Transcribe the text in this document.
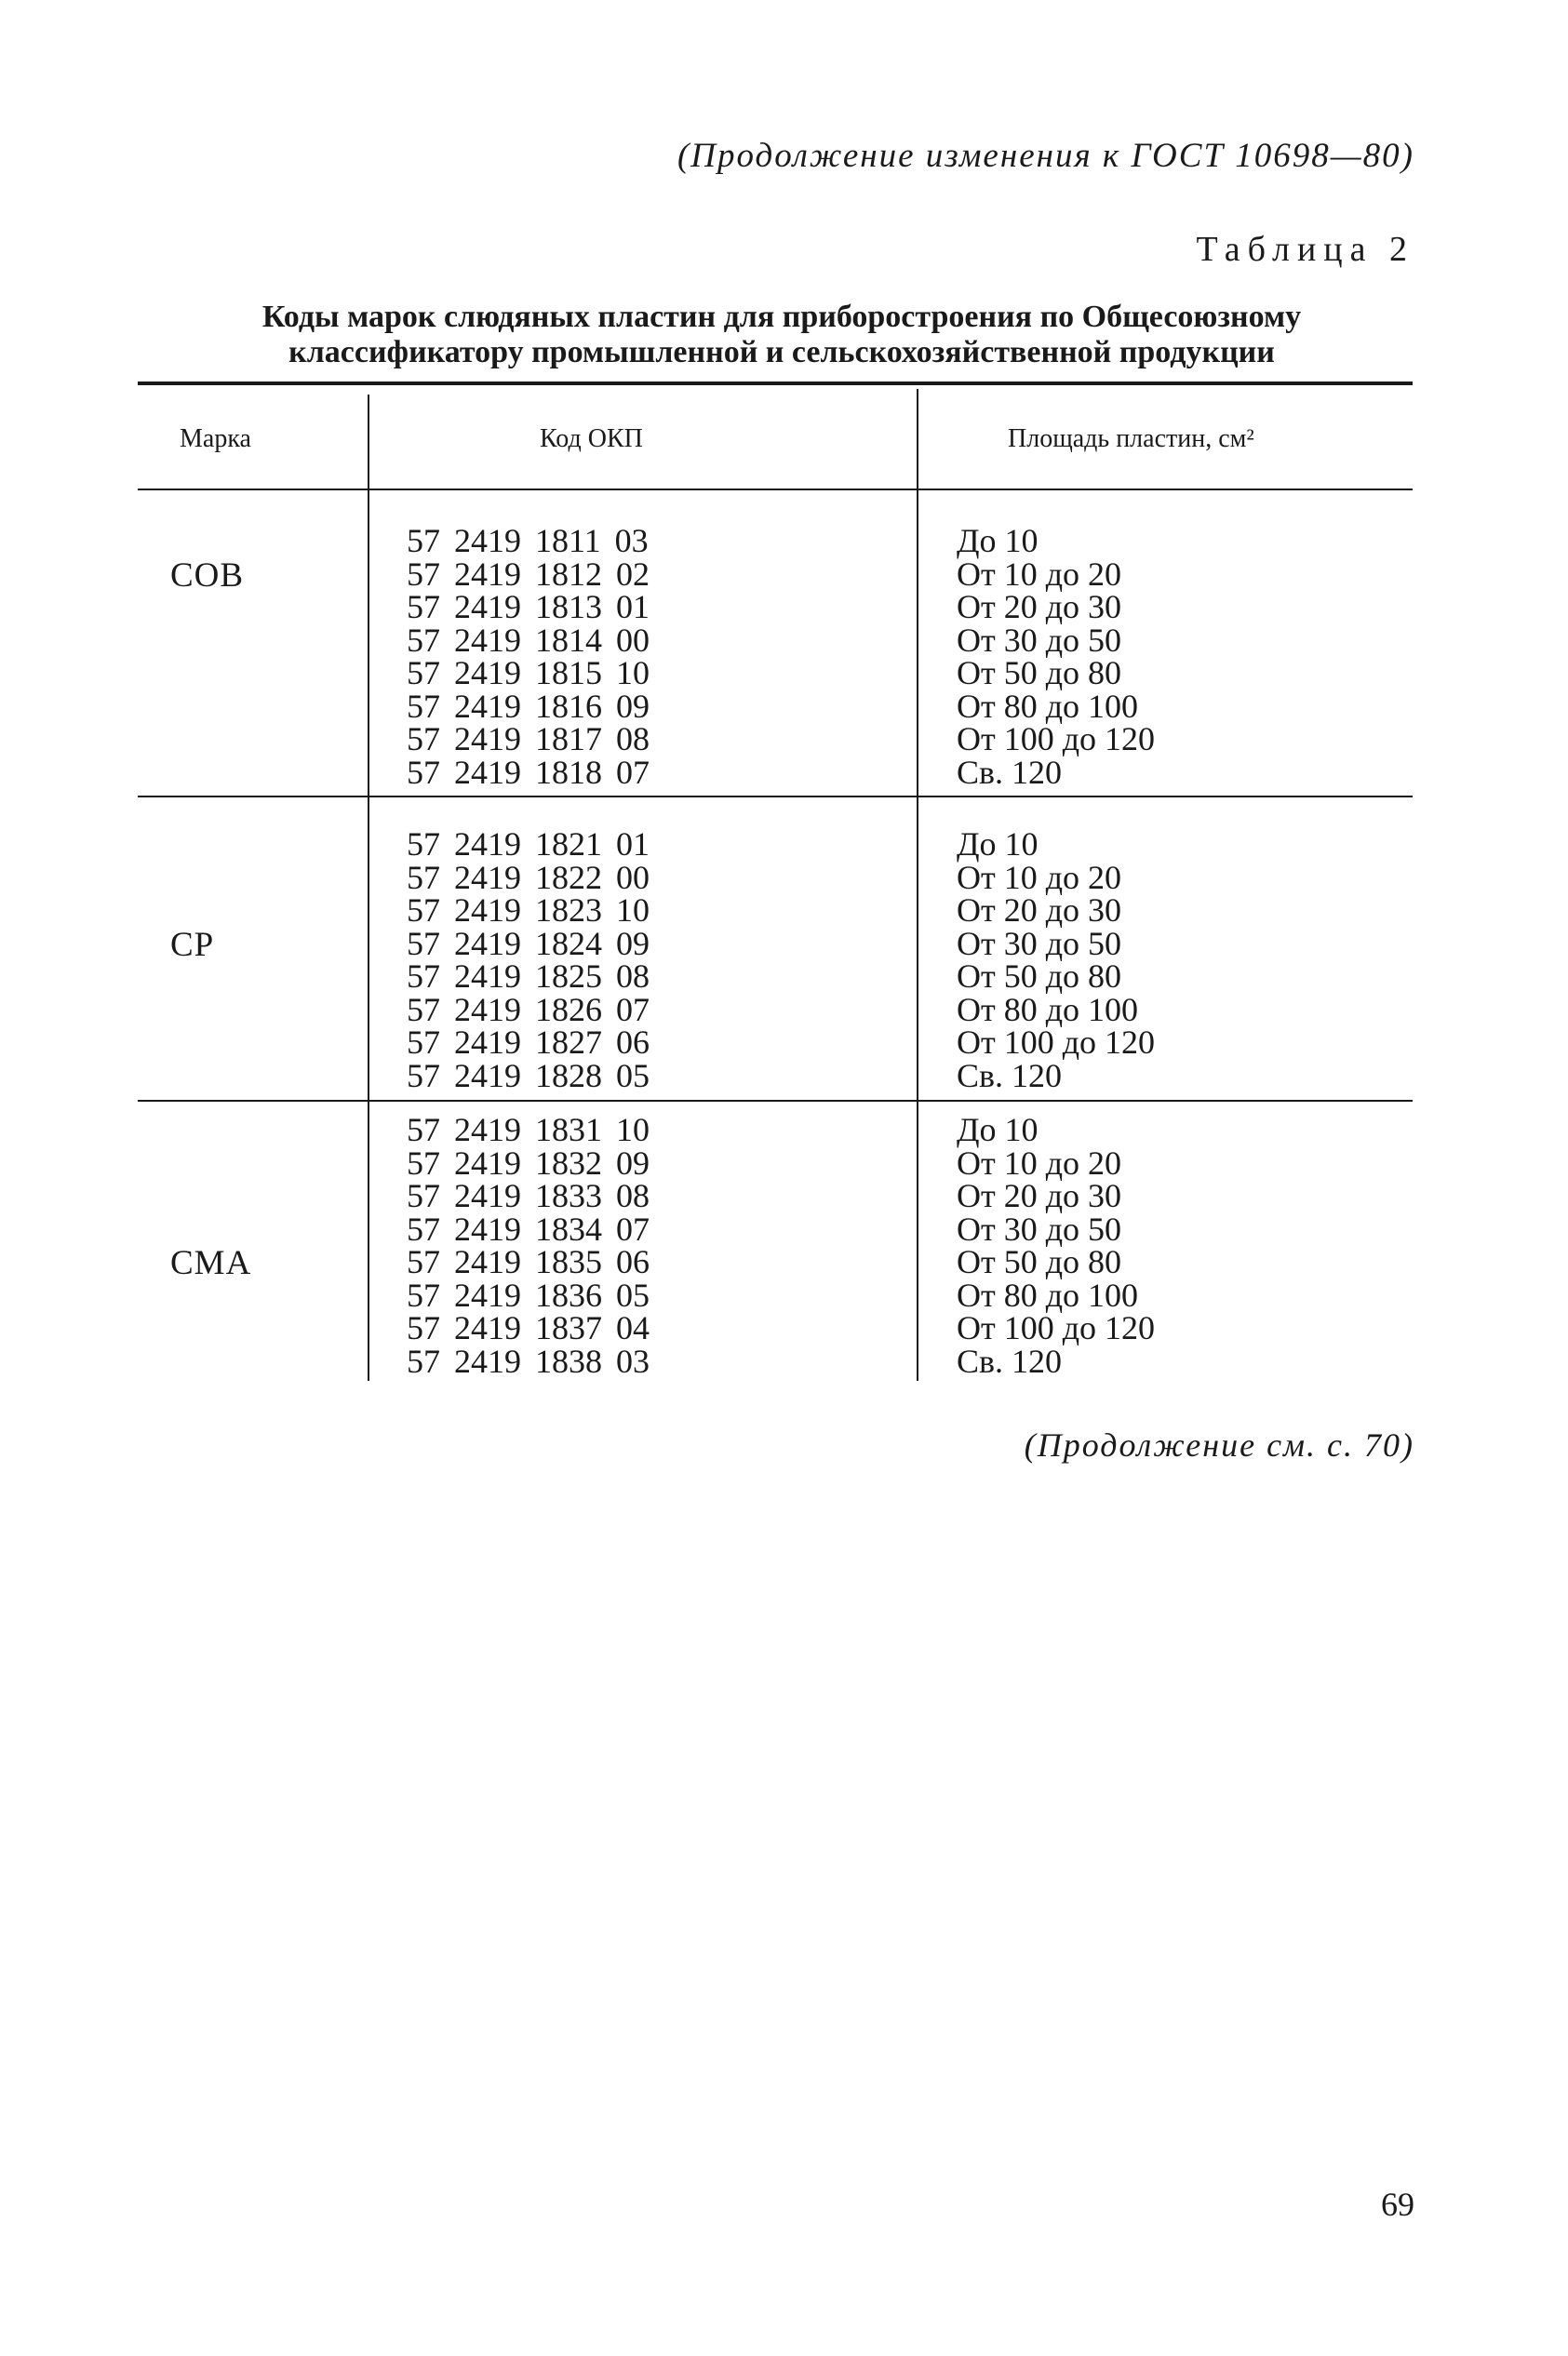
(Продолжение изменения к ГОСТ 10698—80)
Таблица 2
Коды марок слюдяных пластин для приборостроения по Общесоюзному
классификатору промышленной и сельскохозяйственной продукции
Марка	Код ОКП	Площадь пластин, см²
СОВ
57 2419 1811 03
57 2419 1812 02
57 2419 1813 01
57 2419 1814 00
57 2419 1815 10
57 2419 1816 09
57 2419 1817 08
57 2419 1818 07
До 10
От 10 до 20
От 20 до 30
От 30 до 50
От 50 до 80
От 80 до 100
От 100 до 120
Св. 120
СР
57 2419 1821 01
57 2419 1822 00
57 2419 1823 10
57 2419 1824 09
57 2419 1825 08
57 2419 1826 07
57 2419 1827 06
57 2419 1828 05
До 10
От 10 до 20
От 20 до 30
От 30 до 50
От 50 до 80
От 80 до 100
От 100 до 120
Св. 120
СМА
57 2419 1831 10
57 2419 1832 09
57 2419 1833 08
57 2419 1834 07
57 2419 1835 06
57 2419 1836 05
57 2419 1837 04
57 2419 1838 03
До 10
От 10 до 20
От 20 до 30
От 30 до 50
От 50 до 80
От 80 до 100
От 100 до 120
Св. 120
(Продолжение см. с. 70)
69
